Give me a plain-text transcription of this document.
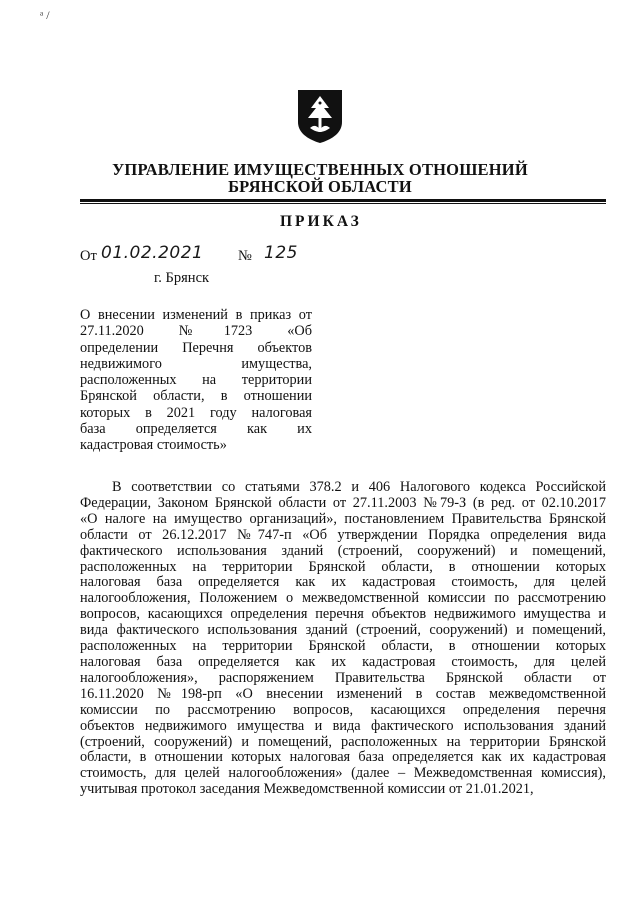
ᵃ /
УПРАВЛЕНИЕ ИМУЩЕСТВЕННЫХ ОТНОШЕНИЙ
БРЯНСКОЙ ОБЛАСТИ
ПРИКАЗ
От 01.02.2021 № 125
г. Брянск
О внесении изменений в приказ от
27.11.2020 №1723 «Об
определении Перечня объектов
недвижимого имущества,
расположенных на территории
Брянской области, в отношении
которых в 2021 году налоговая
база определяется как их
кадастровая стоимость»
В соответствии со статьями 378.2 и 406 Налогового кодекса Российской
Федерации, Законом Брянской области от 27.11.2003 №79-З (в ред. от 02.10.2017
«О налоге на имущество организаций», постановлением Правительства Брянской
области от 26.12.2017 №747-п «Об утверждении Порядка определения вида
фактического использования зданий (строений, сооружений) и помещений,
расположенных на территории Брянской области, в отношении которых
налоговая база определяется как их кадастровая стоимость, для целей
налогообложения, Положением о межведомственной комиссии по рассмотрению
вопросов, касающихся определения перечня объектов недвижимого имущества и
вида фактического использования зданий (строений, сооружений) и помещений,
расположенных на территории Брянской области, в отношении которых
налоговая база определяется как их кадастровая стоимость, для целей
налогообложения», распоряжением Правительства Брянской области от
16.11.2020 №198-рп «О внесении изменений в состав межведомственной
комиссии по рассмотрению вопросов, касающихся определения перечня
объектов недвижимого имущества и вида фактического использования зданий
(строений, сооружений) и помещений, расположенных на территории Брянской
области, в отношении которых налоговая база определяется как их кадастровая
стоимость, для целей налогообложения» (далее – Межведомственная комиссия),
учитывая протокол заседания Межведомственной комиссии от 21.01.2021,
